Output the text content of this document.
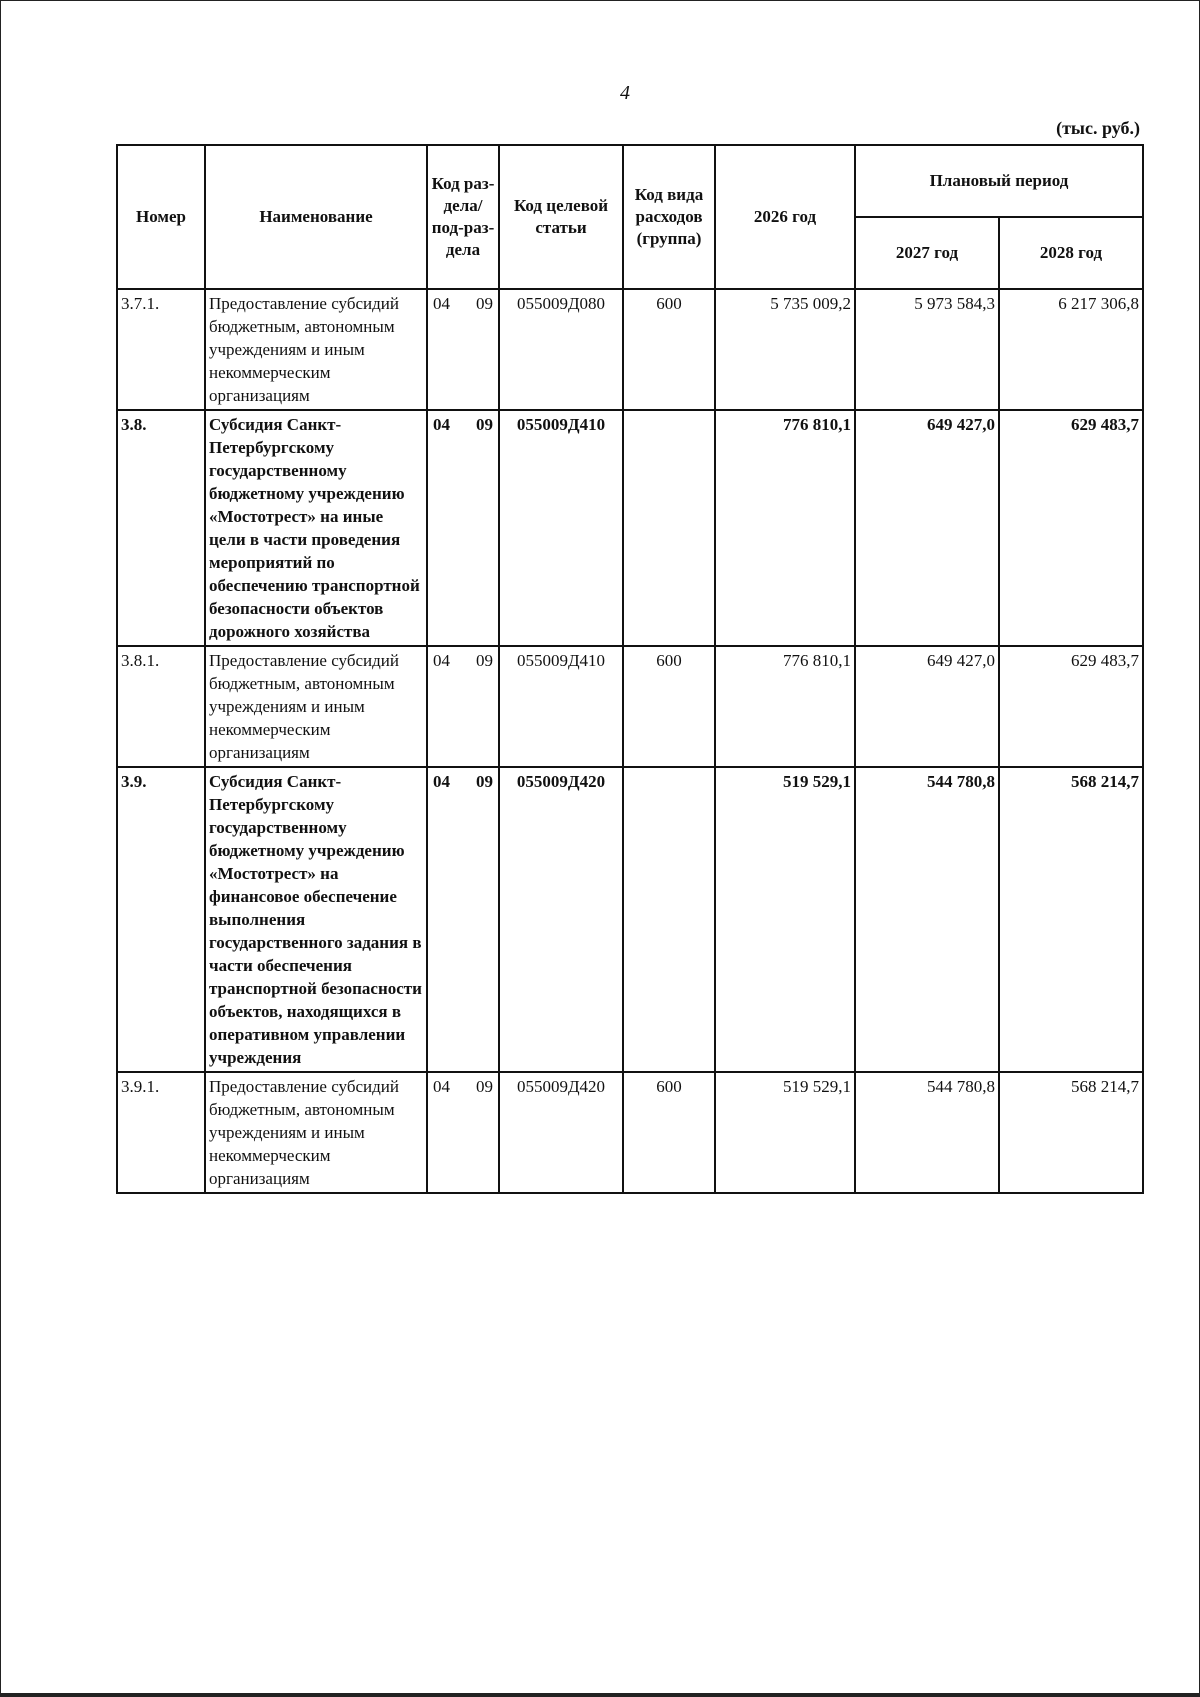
4
(тыс. руб.)
Номер	Наименование	Код раз-дела/ под-раз-дела	Код целевой статьи	Код вида расходов (группа)	2026 год	Плановый период	
						2027 год	2028 год
3.7.1.	Предоставление субсидий бюджетным, автономным учреждениям и иным некоммерческим организациям	04 09	055009Д080	600	5 735 009,2	5 973 584,3	6 217 306,8
3.8.	Субсидия Санкт-Петербургскому государственному бюджетному учреждению «Мостотрест» на иные цели в части проведения мероприятий по обеспечению транспортной безопасности объектов дорожного хозяйства	04 09	055009Д410		776 810,1	649 427,0	629 483,7
3.8.1.	Предоставление субсидий бюджетным, автономным учреждениям и иным некоммерческим организациям	04 09	055009Д410	600	776 810,1	649 427,0	629 483,7
3.9.	Субсидия Санкт-Петербургскому государственному бюджетному учреждению «Мостотрест» на финансовое обеспечение выполнения государственного задания в части обеспечения транспортной безопасности объектов, находящихся в оперативном управлении учреждения	04 09	055009Д420		519 529,1	544 780,8	568 214,7
3.9.1.	Предоставление субсидий бюджетным, автономным учреждениям и иным некоммерческим организациям	04 09	055009Д420	600	519 529,1	544 780,8	568 214,7
